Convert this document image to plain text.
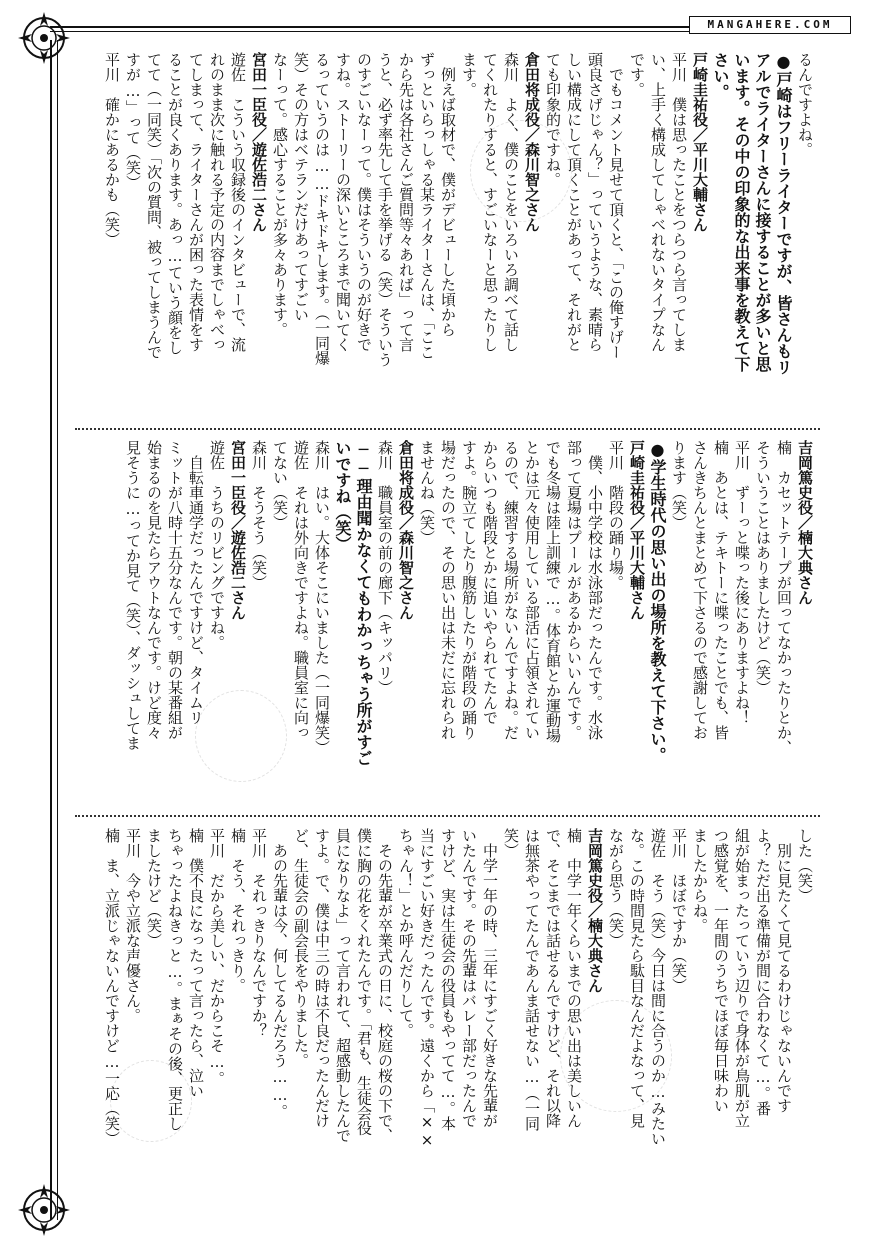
MANGAHERE.COM

るんですよね。

●戸崎はフリーライターですが、皆さんもリ

アルでライターさんに接することが多いと思

います。その中の印象的な出来事を教えて下

さい。

戸崎圭祐役／平川大輔さん

平川　僕は思ったことをつらつら言ってしま

い、上手く構成してしゃべれないタイプなん

です。

　でもコメント見せて頂くと、「この俺すげー

頭良さげじゃん？」っていうような、素晴ら

しい構成にして頂くことがあって、それがと

ても印象的ですね。

倉田将成役／森川智之さん

森川　よく、僕のことをいろいろ調べて話し

てくれたりすると、すごいなーと思ったりし

ます。

　例えば取材で、僕がデビューした頃から

ずっといらっしゃる某ライターさんは、「ここ

から先は各社さんご質問等々あれば」って言

うと、必ず率先して手を挙げる（笑）そういう

のすごいなーって。僕はそういうのが好きで

すね。ストーリーの深いところまで聞いてく

るっていうのは……ドキドキします。（一同爆

笑）その方はベテランだけあってすごい

なーって。感心することが多々あります。

宮田一臣役／遊佐浩二さん

遊佐　こういう収録後のインタビューで、流

れのまま次に触れる予定の内容までしゃべっ

てしまって、ライターさんが困った表情をす

ることが良くあります。あっ…ていう顔をし

てて（一同笑）「次の質問、被ってしまうんで

すが…」って（笑）

平川　確かにあるかも（笑）

吉岡篤史役／楠大典さん

楠　カセットテープが回ってなかったりとか、

そういうことはありましたけど（笑）

平川　ずーっと喋った後にありますよね！

楠　あとは、テキトーに喋ったことでも、皆

さんきちんとまとめて下さるので感謝してお

ります（笑）

●学生時代の思い出の場所を教えて下さい。

戸崎圭祐役／平川大輔さん

平川　階段の踊り場。

　僕、小中学校は水泳部だったんです。水泳

部って夏場はプールがあるからいいんです。

でも冬場は陸上訓練で…。体育館とか運動場

とかは元々使用している部活に占領されてい

るので、練習する場所がないんですよね。だ

からいつも階段とかに追いやられてたんで

すよ。腕立てしたり腹筋したりが階段の踊り

場だったので、その思い出は未だに忘れられ

ませんね（笑）

倉田将成役／森川智之さん

森川　職員室の前の廊下（キッパリ）

──理由聞かなくてもわかっちゃう所がすご

いですね（笑）

森川　はい。大体そこにいました（一同爆笑）

遊佐　それは外向きですよね。職員室に向っ

てない（笑）

森川　そうそう（笑）

宮田一臣役／遊佐浩二さん

遊佐　うちのリビングですね。

　自転車通学だったんですけど、タイムリ

ミットが八時十五分なんです。朝の某番組が

始まるのを見たらアウトなんです。けど度々

見そうに…ってか見て（笑）、ダッシュしてま

した（笑）

　別に見たくて見てるわけじゃないんです

よ？ただ出る準備が間に合わなくて…。番

組が始まったっていう辺りで身体が鳥肌が立

つ感覚を、一年間のうちでほぼ毎日味わい

ましたからね。

平川　ほぼですか（笑）

遊佐　そう（笑）今日は間に合うのか…みたい

な。この時間見たら駄目なんだよなって、見

ながら思う（笑）

吉岡篤史役／楠大典さん

楠　中学一年くらいまでの思い出は美しいん

で、そこまでは話せるんですけど、それ以降

は無茶やってたんであんま話せない…（一同

笑）

　中学一年の時、三年にすごく好きな先輩が

いたんです。その先輩はバレー部だったんで

すけど、実は生徒会の役員もやってて…。本

当にすごい好きだったんです。遠くから「××

ちゃん！」とか呼んだりして。

　その先輩が卒業式の日に、校庭の桜の下で、

僕に胸の花をくれたんです。「君も、生徒会役

員になりなよ」って言われて、超感動したんで

すよ。で、僕は中三の時は不良だったんだけ

ど、生徒会の副会長をやりました。

　あの先輩は今、何してるんだろう……。

平川　それっきりなんですか？

楠　そう、それっきり。

平川　だから美しい、だからこそ…。

楠　僕不良になったって言ったら、泣い

ちゃったよねきっと…。まぁその後、更正し

ましたけど（笑）

平川　今や立派な声優さん。

楠　ま、立派じゃないんですけど…一応（笑）
